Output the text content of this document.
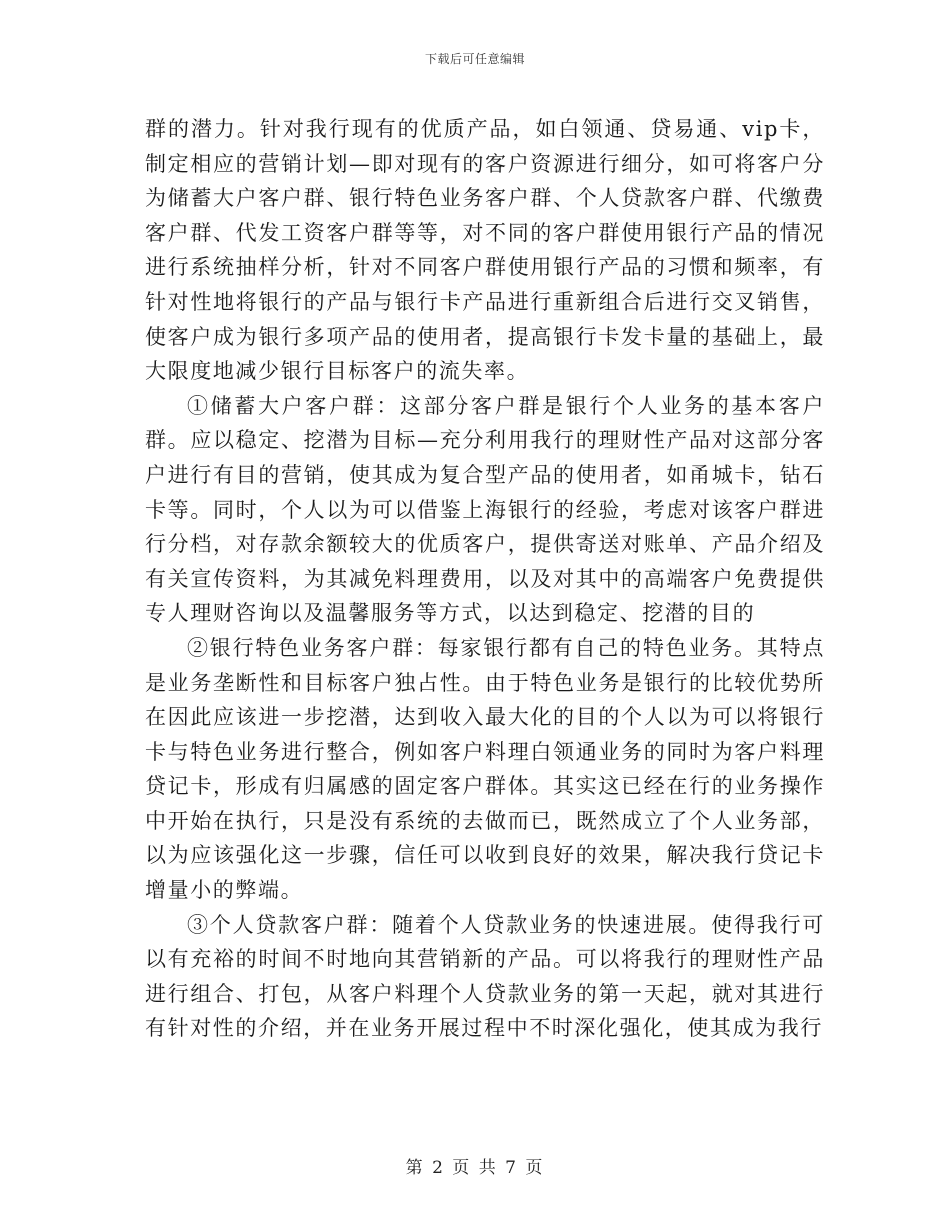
下载后可任意编辑

群的潜力。针对我行现有的优质产品，如白领通、贷易通、vip卡，制定相应的营销计划—即对现有的客户资源进行细分，如可将客户分为储蓄大户客户群、银行特色业务客户群、个人贷款客户群、代缴费客户群、代发工资客户群等等，对不同的客户群使用银行产品的情况进行系统抽样分析，针对不同客户群使用银行产品的习惯和频率，有针对性地将银行的产品与银行卡产品进行重新组合后进行交叉销售，使客户成为银行多项产品的使用者，提高银行卡发卡量的基础上，最大限度地减少银行目标客户的流失率。

①储蓄大户客户群：这部分客户群是银行个人业务的基本客户群。应以稳定、挖潜为目标—充分利用我行的理财性产品对这部分客户进行有目的营销，使其成为复合型产品的使用者，如甬城卡，钻石卡等。同时，个人以为可以借鉴上海银行的经验，考虑对该客户群进行分档，对存款余额较大的优质客户，提供寄送对账单、产品介绍及有关宣传资料，为其减免料理费用，以及对其中的高端客户免费提供专人理财咨询以及温馨服务等方式，以达到稳定、挖潜的目的

②银行特色业务客户群：每家银行都有自己的特色业务。其特点是业务垄断性和目标客户独占性。由于特色业务是银行的比较优势所在因此应该进一步挖潜，达到收入最大化的目的个人以为可以将银行卡与特色业务进行整合，例如客户料理白领通业务的同时为客户料理贷记卡，形成有归属感的固定客户群体。其实这已经在行的业务操作中开始在执行，只是没有系统的去做而已，既然成立了个人业务部，以为应该强化这一步骤，信任可以收到良好的效果，解决我行贷记卡增量小的弊端。

③个人贷款客户群：随着个人贷款业务的快速进展。使得我行可以有充裕的时间不时地向其营销新的产品。可以将我行的理财性产品进行组合、打包，从客户料理个人贷款业务的第一天起，就对其进行有针对性的介绍，并在业务开展过程中不时深化强化，使其成为我行

第 2 页 共 7 页
